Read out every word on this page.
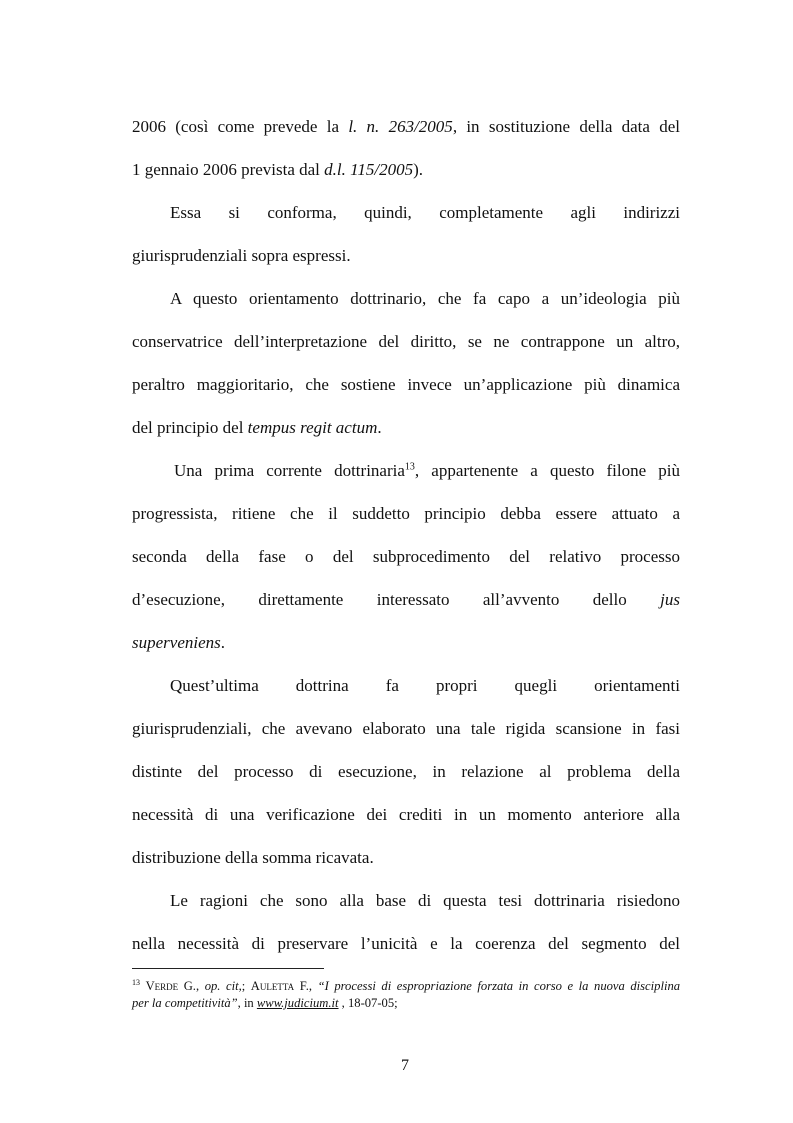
2006 (così come prevede la l. n. 263/2005, in sostituzione della data del
1 gennaio 2006 prevista dal d.l. 115/2005).
Essa si conforma, quindi, completamente agli indirizzi
giurisprudenziali sopra espressi.
A questo orientamento dottrinario, che fa capo a un’ideologia più
conservatrice dell’interpretazione del diritto, se ne contrappone un altro,
peraltro maggioritario, che sostiene invece un’applicazione più dinamica
del principio del tempus regit actum.
Una prima corrente dottrinaria$^{13}$, appartenente a questo filone più
progressista, ritiene che il suddetto principio debba essere attuato a
seconda della fase o del subprocedimento del relativo processo
d’esecuzione, direttamente interessato all’avvento dello jus
superveniens.
Quest’ultima dottrina fa propri quegli orientamenti
giurisprudenziali, che avevano elaborato una tale rigida scansione in fasi
distinte del processo di esecuzione, in relazione al problema della
necessità di una verificazione dei crediti in un momento anteriore alla
distribuzione della somma ricavata.
Le ragioni che sono alla base di questa tesi dottrinaria risiedono
nella necessità di preservare l’unicità e la coerenza del segmento del
$^{13}$ Verde G., op. cit,; Auletta F., “I processi di espropriazione forzata in corso e la nuova disciplina
per la competitività”, in www.judicium.it , 18-07-05;
7
